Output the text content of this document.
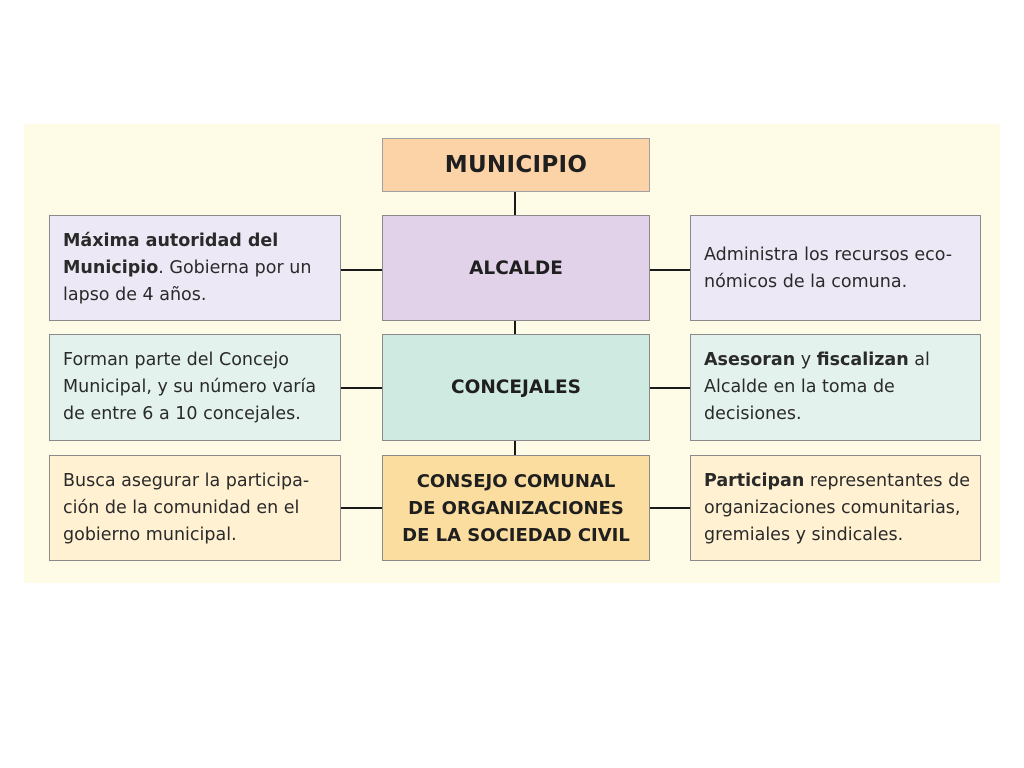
MUNICIPIO
Máxima autoridad del Municipio. Gobierna por un lapso de 4 años.
ALCALDE
Administra los recursos eco-nómicos de la comuna.
Forman parte del Concejo Municipal, y su número varía de entre 6 a 10 concejales.
CONCEJALES
Asesoran y fiscalizan al Alcalde en la toma de decisiones.
Busca asegurar la participa-ción de la comunidad en el gobierno municipal.
CONSEJO COMUNAL
DE ORGANIZACIONES
DE LA SOCIEDAD CIVIL
Participan representantes de organizaciones comunitarias, gremiales y sindicales.
